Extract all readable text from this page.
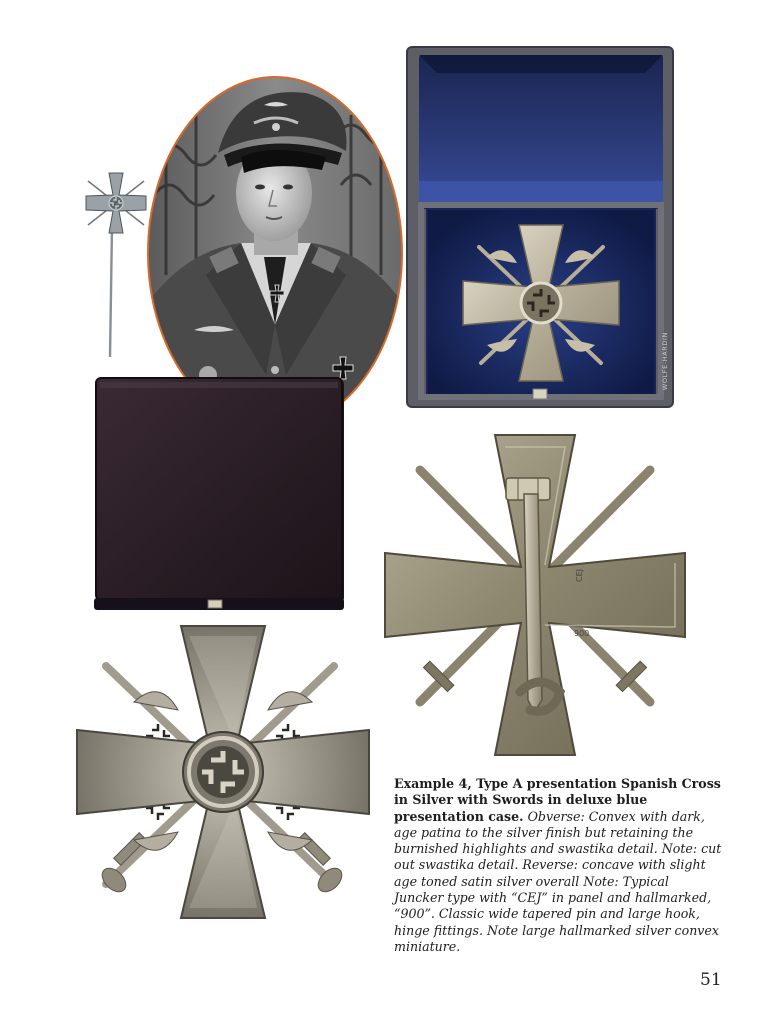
WOLFE-HARDIN
CEJ
900
Example 4, Type A presentation Spanish Cross in Silver with Swords in deluxe blue presentation case. Obverse: Convex with dark, age patina to the silver finish but retaining the burnished highlights and swastika detail. Note: cut out swastika detail. Reverse: concave with slight age toned satin silver overall Note: Typical Juncker type with “CEJ” in panel and hallmarked, “900”. Classic wide tapered pin and large hook, hinge fittings. Note large hallmarked silver convex miniature.
51
